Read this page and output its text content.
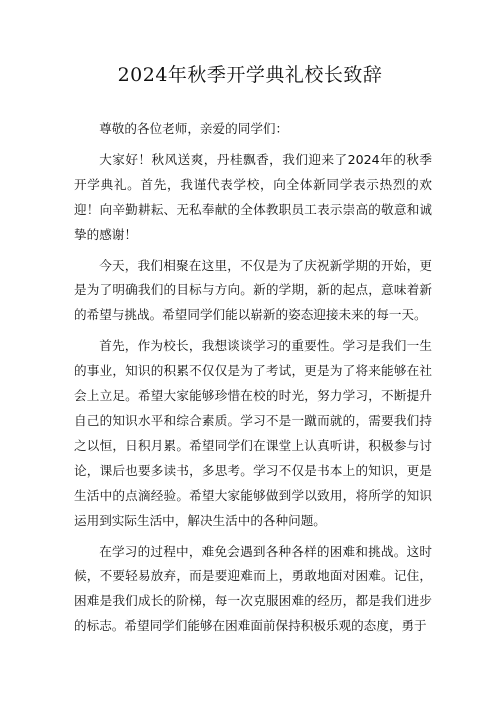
2024年秋季开学典礼校长致辞

尊敬的各位老师，亲爱的同学们：

大家好！秋风送爽，丹桂飘香，我们迎来了2024年的秋季开学典礼。首先，我谨代表学校，向全体新同学表示热烈的欢迎！向辛勤耕耘、无私奉献的全体教职员工表示崇高的敬意和诚挚的感谢！

今天，我们相聚在这里，不仅是为了庆祝新学期的开始，更是为了明确我们的目标与方向。新的学期，新的起点，意味着新的希望与挑战。希望同学们能以崭新的姿态迎接未来的每一天。

首先，作为校长，我想谈谈学习的重要性。学习是我们一生的事业，知识的积累不仅仅是为了考试，更是为了将来能够在社会上立足。希望大家能够珍惜在校的时光，努力学习，不断提升自己的知识水平和综合素质。学习不是一蹴而就的，需要我们持之以恒，日积月累。希望同学们在课堂上认真听讲，积极参与讨论，课后也要多读书，多思考。学习不仅是书本上的知识，更是生活中的点滴经验。希望大家能够做到学以致用，将所学的知识运用到实际生活中，解决生活中的各种问题。

在学习的过程中，难免会遇到各种各样的困难和挑战。这时候，不要轻易放弃，而是要迎难而上，勇敢地面对困难。记住，困难是我们成长的阶梯，每一次克服困难的经历，都是我们进步的标志。希望同学们能够在困难面前保持积极乐观的态度，勇于
